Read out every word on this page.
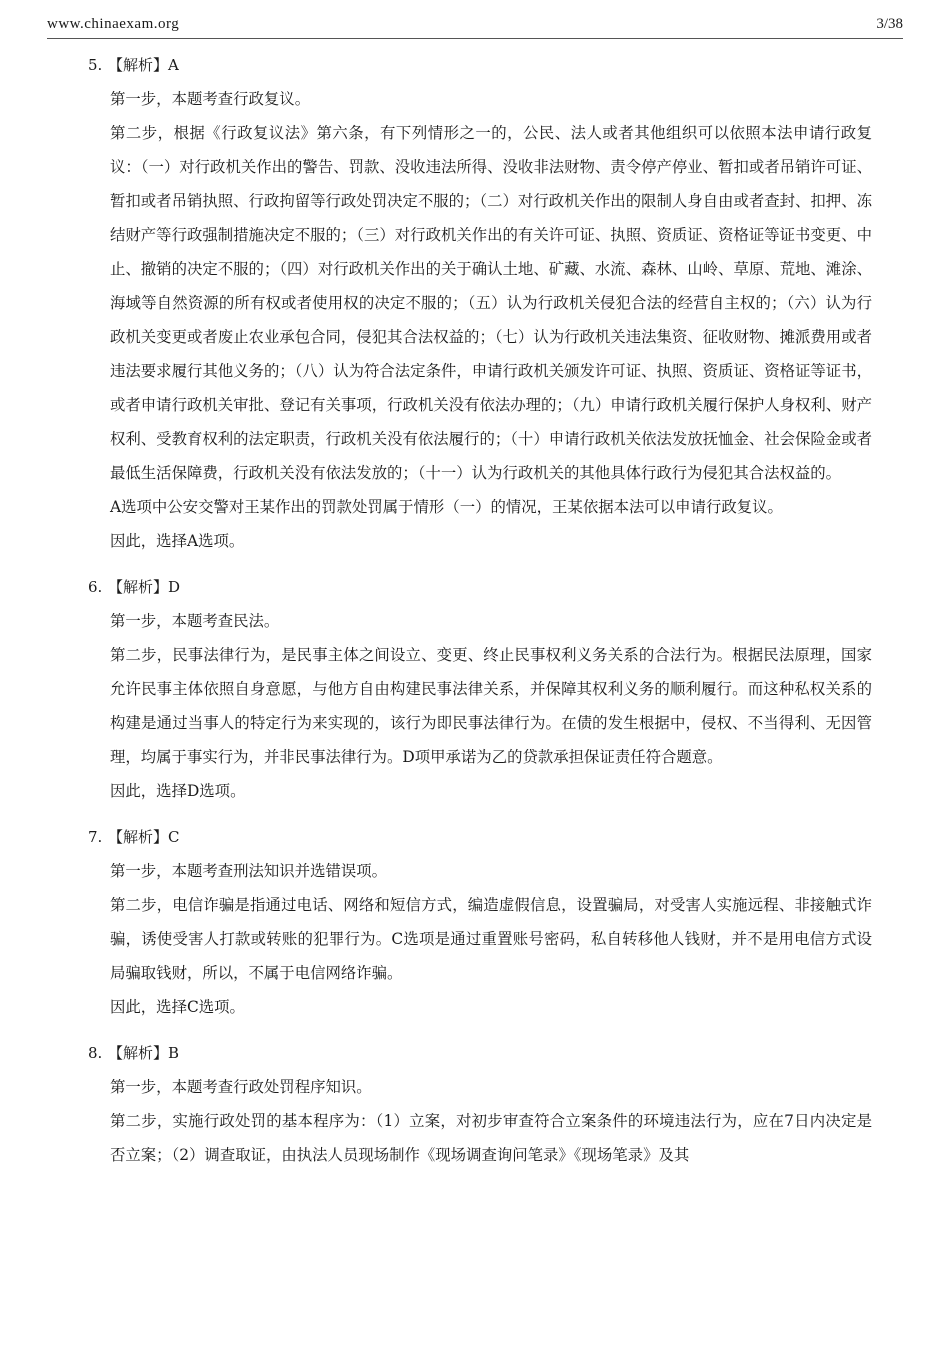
www.chinaexam.org	3/38
5. 【解析】A

第一步，本题考查行政复议。

第二步，根据《行政复议法》第六条，有下列情形之一的，公民、法人或者其他组织可以依照本法申请行政复议：（一）对行政机关作出的警告、罚款、没收违法所得、没收非法财物、责令停产停业、暂扣或者吊销许可证、暂扣或者吊销执照、行政拘留等行政处罚决定不服的；（二）对行政机关作出的限制人身自由或者查封、扣押、冻结财产等行政强制措施决定不服的；（三）对行政机关作出的有关许可证、执照、资质证、资格证等证书变更、中止、撤销的决定不服的；（四）对行政机关作出的关于确认土地、矿藏、水流、森林、山岭、草原、荒地、滩涂、海域等自然资源的所有权或者使用权的决定不服的；（五）认为行政机关侵犯合法的经营自主权的；（六）认为行政机关变更或者废止农业承包合同，侵犯其合法权益的；（七）认为行政机关违法集资、征收财物、摊派费用或者违法要求履行其他义务的；（八）认为符合法定条件，申请行政机关颁发许可证、执照、资质证、资格证等证书，或者申请行政机关审批、登记有关事项，行政机关没有依法办理的；（九）申请行政机关履行保护人身权利、财产权利、受教育权利的法定职责，行政机关没有依法履行的；（十）申请行政机关依法发放抚恤金、社会保险金或者最低生活保障费，行政机关没有依法发放的；（十一）认为行政机关的其他具体行政行为侵犯其合法权益的。

A选项中公安交警对王某作出的罚款处罚属于情形（一）的情况，王某依据本法可以申请行政复议。

因此，选择A选项。

6. 【解析】D

第一步，本题考查民法。

第二步，民事法律行为，是民事主体之间设立、变更、终止民事权利义务关系的合法行为。根据民法原理，国家允许民事主体依照自身意愿，与他方自由构建民事法律关系，并保障其权利义务的顺利履行。而这种私权关系的构建是通过当事人的特定行为来实现的，该行为即民事法律行为。在债的发生根据中，侵权、不当得利、无因管理，均属于事实行为，并非民事法律行为。D项甲承诺为乙的贷款承担保证责任符合题意。

因此，选择D选项。

7. 【解析】C

第一步，本题考查刑法知识并选错误项。

第二步，电信诈骗是指通过电话、网络和短信方式，编造虚假信息，设置骗局，对受害人实施远程、非接触式诈骗，诱使受害人打款或转账的犯罪行为。C选项是通过重置账号密码，私自转移他人钱财，并不是用电信方式设局骗取钱财，所以，不属于电信网络诈骗。

因此，选择C选项。

8. 【解析】B

第一步，本题考查行政处罚程序知识。

第二步，实施行政处罚的基本程序为：（1）立案，对初步审查符合立案条件的环境违法行为，应在7日内决定是否立案；（2）调查取证，由执法人员现场制作《现场调查询问笔录》《现场笔录》及其
